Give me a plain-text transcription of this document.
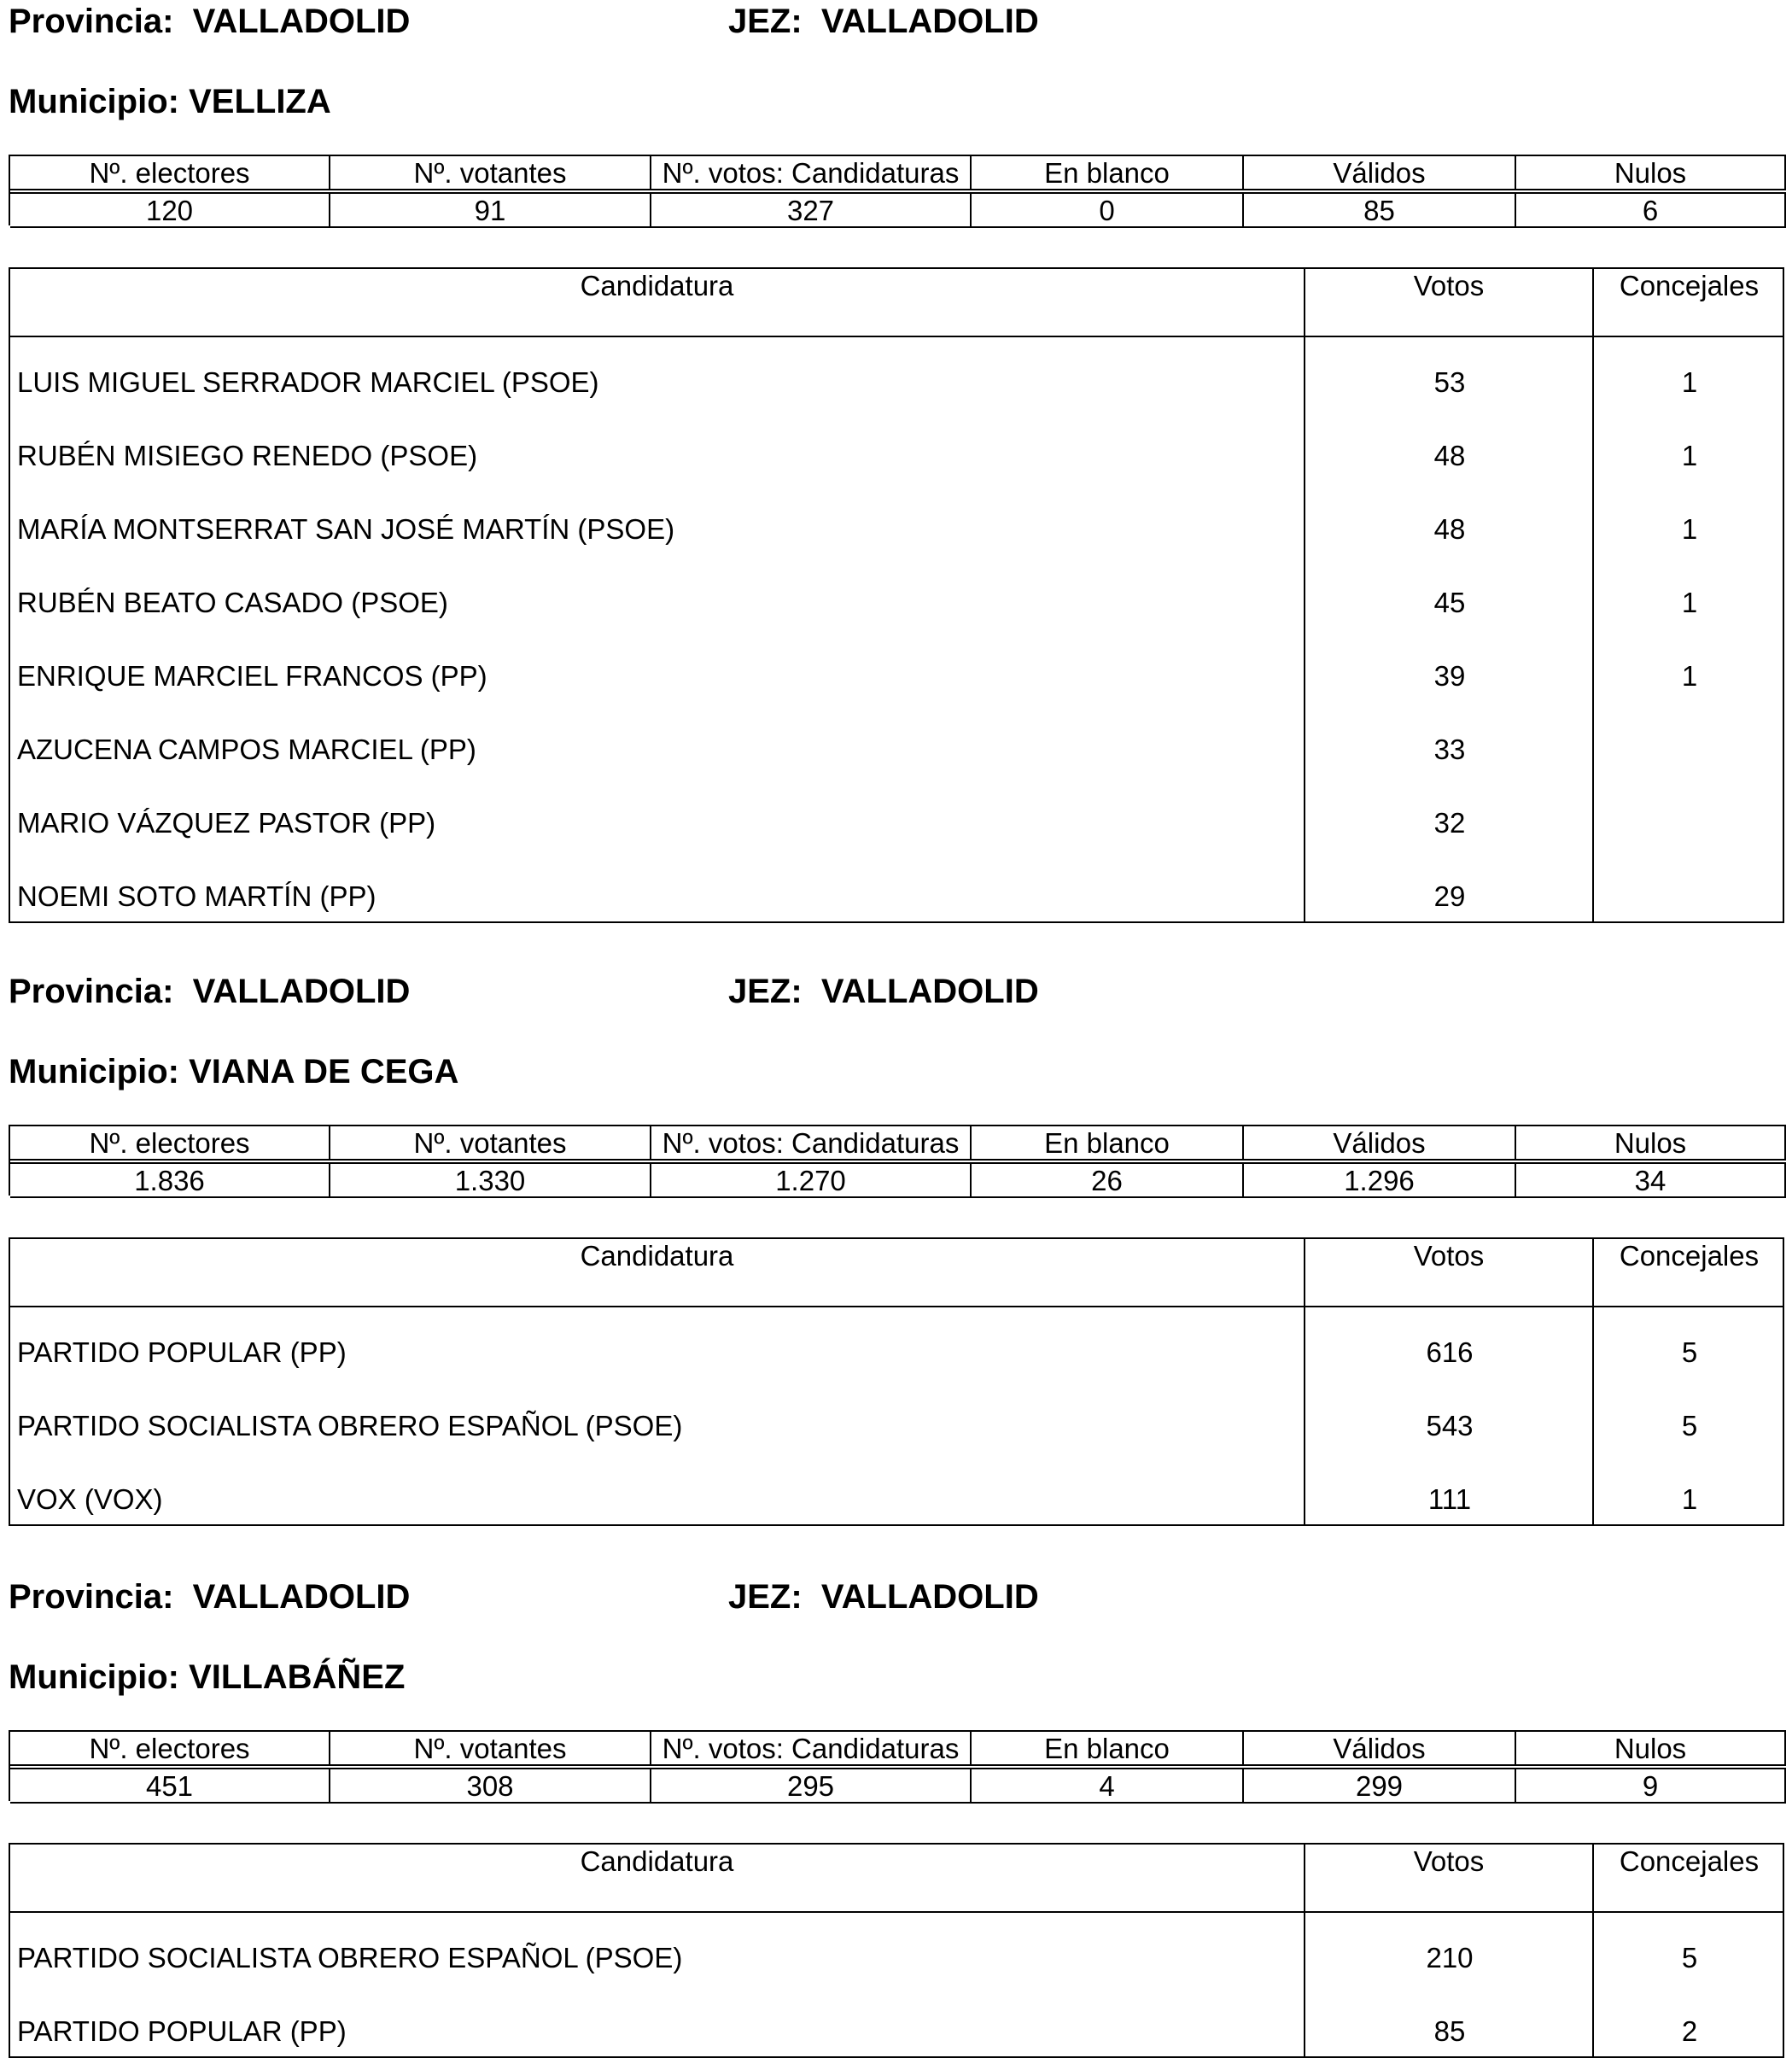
Provincia: VALLADOLID	JEZ: VALLADOLID
Municipio: VELLIZA
Nº. electores	Nº. votantes	Nº. votos: Candidaturas	En blanco	Válidos	Nulos
120	91	327	0	85	6
Candidatura	Votos	Concejales
LUIS MIGUEL SERRADOR MARCIEL (PSOE)	53	1
RUBÉN MISIEGO RENEDO (PSOE)	48	1
MARÍA MONTSERRAT SAN JOSÉ MARTÍN (PSOE)	48	1
RUBÉN BEATO CASADO (PSOE)	45	1
ENRIQUE MARCIEL FRANCOS (PP)	39	1
AZUCENA CAMPOS MARCIEL (PP)	33
MARIO VÁZQUEZ PASTOR (PP)	32
NOEMI SOTO MARTÍN (PP)	29
Provincia: VALLADOLID	JEZ: VALLADOLID
Municipio: VIANA DE CEGA
Nº. electores	Nº. votantes	Nº. votos: Candidaturas	En blanco	Válidos	Nulos
1.836	1.330	1.270	26	1.296	34
Candidatura	Votos	Concejales
PARTIDO POPULAR (PP)	616	5
PARTIDO SOCIALISTA OBRERO ESPAÑOL (PSOE)	543	5
VOX (VOX)	111	1
Provincia: VALLADOLID	JEZ: VALLADOLID
Municipio: VILLABÁÑEZ
Nº. electores	Nº. votantes	Nº. votos: Candidaturas	En blanco	Válidos	Nulos
451	308	295	4	299	9
Candidatura	Votos	Concejales
PARTIDO SOCIALISTA OBRERO ESPAÑOL (PSOE)	210	5
PARTIDO POPULAR (PP)	85	2
